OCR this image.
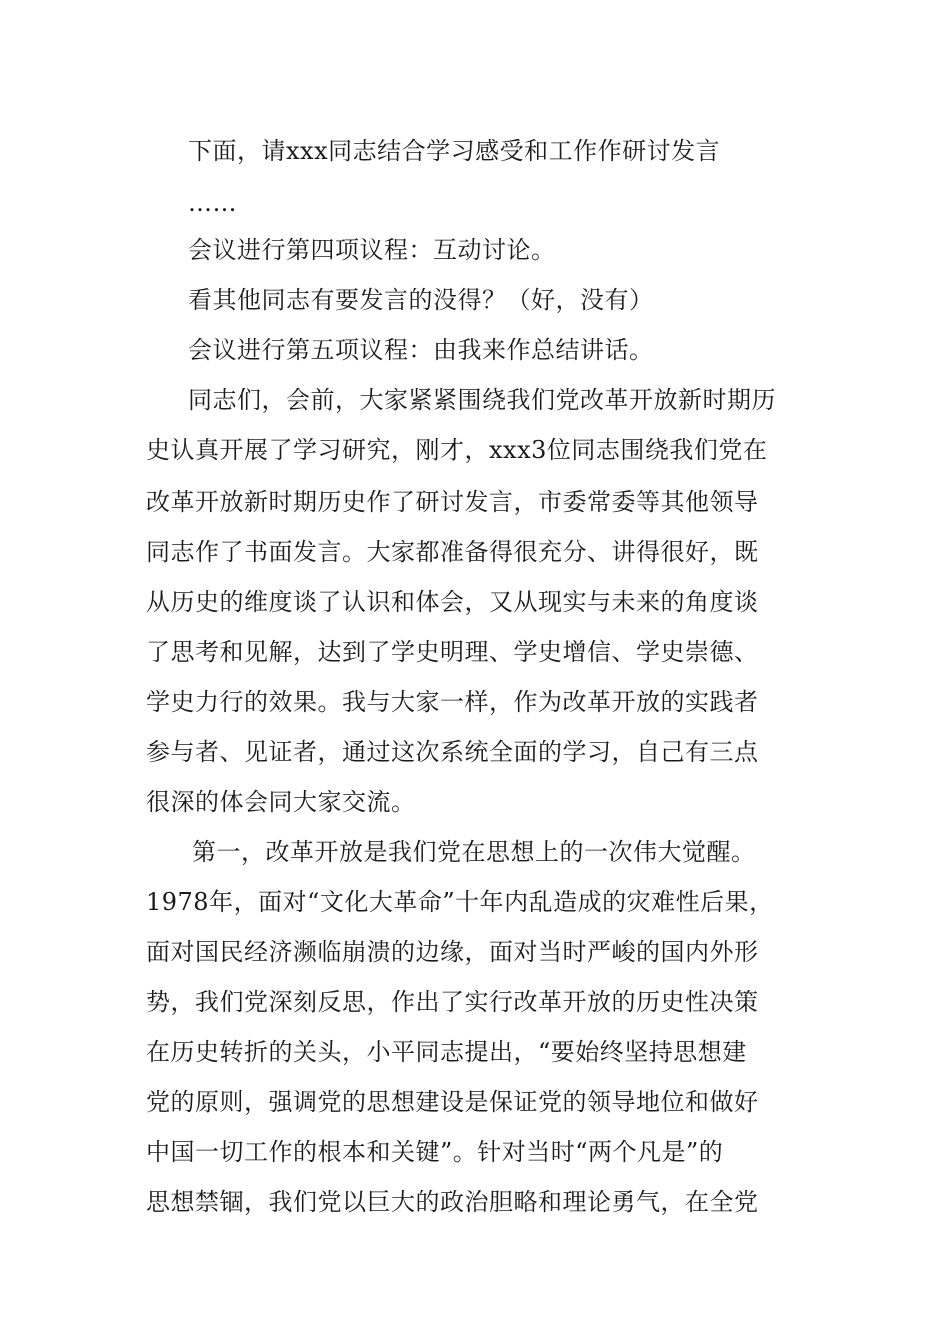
下面，请xxx同志结合学习感受和工作作研讨发言
……
会议进行第四项议程：互动讨论。
看其他同志有要发言的没得？（好，没有）
会议进行第五项议程：由我来作总结讲话。
同志们，会前，大家紧紧围绕我们党改革开放新时期历
史认真开展了学习研究，刚才，xxx3位同志围绕我们党在
改革开放新时期历史作了研讨发言，市委常委等其他领导
同志作了书面发言。大家都准备得很充分、讲得很好，既
从历史的维度谈了认识和体会，又从现实与未来的角度谈
了思考和见解，达到了学史明理、学史增信、学史崇德、
学史力行的效果。我与大家一样，作为改革开放的实践者
参与者、见证者，通过这次系统全面的学习，自己有三点
很深的体会同大家交流。
第一，改革开放是我们党在思想上的一次伟大觉醒。
1978年，面对“文化大革命”十年内乱造成的灾难性后果，
面对国民经济濒临崩溃的边缘，面对当时严峻的国内外形
势，我们党深刻反思，作出了实行改革开放的历史性决策
在历史转折的关头，小平同志提出，“要始终坚持思想建
党的原则，强调党的思想建设是保证党的领导地位和做好
中国一切工作的根本和关键”。针对当时“两个凡是”的
思想禁锢，我们党以巨大的政治胆略和理论勇气，在全党
